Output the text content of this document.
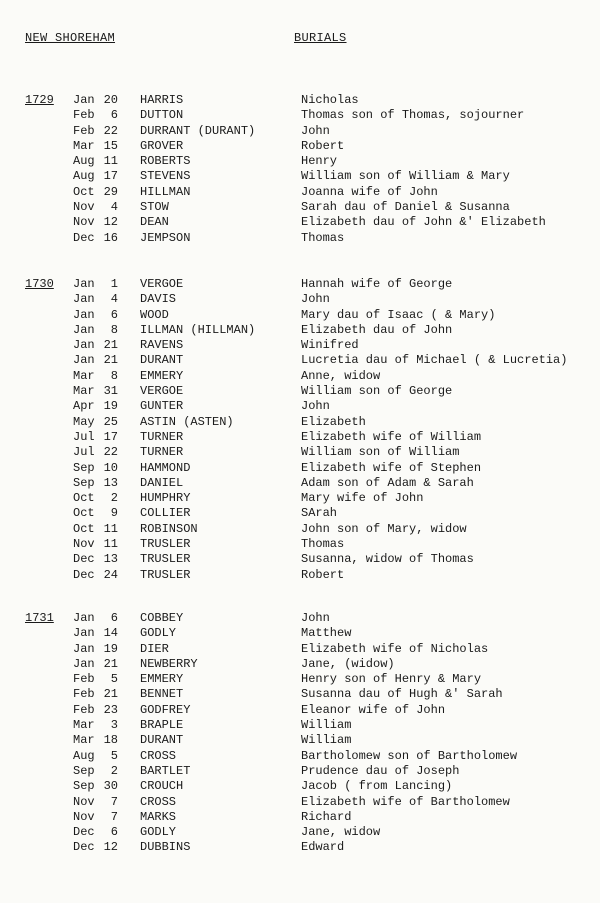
NEW SHOREHAM	BURIALS
1729 Jan 20 HARRIS	Nicholas
Feb	6 DUTTON	Thomas son of Thomas, sojourner
Feb 22 DURRANT (DURANT)	John
Mar 15 GROVER	Robert
Aug 11 ROBERTS	Henry
Aug 17 STEVENS	William son of William & Mary
Oct 29 HILLMAN	Joanna wife of John
Nov	4 STOW	Sarah dau of Daniel & Susanna
Nov 12 DEAN	Elizabeth dau of John &' Elizabeth
Dec 16 JEMPSON	Thomas
1730 Jan	1 VERGOE	Hannah wife of George
Jan	4 DAVIS	John
Jan	6 WOOD	Mary dau of Isaac ( & Mary)
Jan	8 ILLMAN (HILLMAN)	Elizabeth dau of John
Jan 21 RAVENS	Winifred
Jan 21 DURANT	Lucretia dau of Michael ( & Lucretia)
Mar	8 EMMERY	Anne, widow
Mar 31 VERGOE	William son of George
Apr 19 GUNTER	John
May 25 ASTIN (ASTEN)	Elizabeth
Jul 17 TURNER	Elizabeth wife of William
Jul 22 TURNER	William son of William
Sep 10 HAMMOND	Elizabeth wife of Stephen
Sep 13 DANIEL	Adam son of Adam & Sarah
Oct	2 HUMPHRY	Mary wife of John
Oct	9 COLLIER	SArah
Oct 11 ROBINSON	John son of Mary, widow
Nov 11 TRUSLER	Thomas
Dec 13 TRUSLER	Susanna, widow of Thomas
Dec 24 TRUSLER	Robert
1731 Jan	6 COBBEY	John
Jan 14 GODLY	Matthew
Jan 19 DIER	Elizabeth wife of Nicholas
Jan 21 NEWBERRY	Jane, (widow)
Feb	5 EMMERY	Henry son of Henry & Mary
Feb 21 BENNET	Susanna dau of Hugh &' Sarah
Feb 23 GODFREY	Eleanor wife of John
Mar	3 BRAPLE	William
Mar 18 DURANT	William
Aug	5 CROSS	Bartholomew son of Bartholomew
Sep	2 BARTLET	Prudence dau of Joseph
Sep 30 CROUCH	Jacob ( from Lancing)
Nov	7 CROSS	Elizabeth wife of Bartholomew
Nov	7 MARKS	Richard
Dec	6 GODLY	Jane, widow
Dec 12 DUBBINS	Edward
